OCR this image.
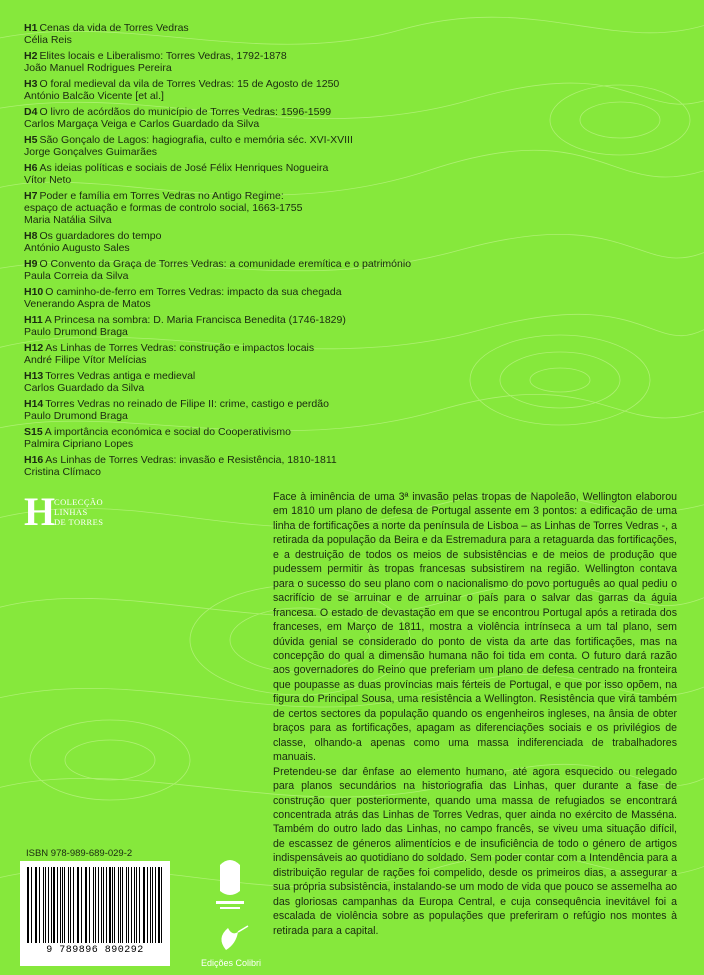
H1 Cenas da vida de Torres Vedras
Célia Reis
H2 Elites locais e Liberalismo: Torres Vedras, 1792-1878
João Manuel Rodrigues Pereira
H3 O foral medieval da vila de Torres Vedras: 15 de Agosto de 1250
António Balcão Vicente [et al.]
D4 O livro de acórdãos do município de Torres Vedras: 1596-1599
Carlos Margaça Veiga e Carlos Guardado da Silva
H5 São Gonçalo de Lagos: hagiografia, culto e memória séc. XVI-XVIII
Jorge Gonçalves Guimarães
H6 As ideias políticas e sociais de José Félix Henriques Nogueira
Vítor Neto
H7 Poder e família em Torres Vedras no Antigo Regime:
espaço de actuação e formas de controlo social, 1663-1755
Maria Natália Silva
H8 Os guardadores do tempo
António Augusto Sales
H9 O Convento da Graça de Torres Vedras: a comunidade eremítica e o património
Paula Correia da Silva
H10 O caminho-de-ferro em Torres Vedras: impacto da sua chegada
Venerando Aspra de Matos
H11 A Princesa na sombra: D. Maria Francisca Benedita (1746-1829)
Paulo Drumond Braga
H12 As Linhas de Torres Vedras: construção e impactos locais
André Filipe Vítor Melícias
H13 Torres Vedras antiga e medieval
Carlos Guardado da Silva
H14 Torres Vedras no reinado de Filipe II: crime, castigo e perdão
Paulo Drumond Braga
S15 A importância económica e social do Cooperativismo
Palmira Cipriano Lopes
H16 As Linhas de Torres Vedras: invasão e Resistência, 1810-1811
Cristina Clímaco
H
COLECÇÃO
LINHAS
DE TORRES

Face à iminência de uma 3ª invasão pelas tropas de Napoleão, Wellington elaborou em 1810 um plano de defesa de Portugal assente em 3 pontos: a edificação de uma linha de fortificações a norte da península de Lisboa – as Linhas de Torres Vedras -, a retirada da população da Beira e da Estremadura para a retaguarda das fortificações, e a destruição de todos os meios de subsistências e de meios de produção que pudessem permitir às tropas francesas subsistirem na região. Wellington contava para o sucesso do seu plano com o nacionalismo do povo português ao qual pediu o sacrifício de se arruinar e de arruinar o país para o salvar das garras da águia francesa. O estado de devastação em que se encontrou Portugal após a retirada dos franceses, em Março de 1811, mostra a violência intrínseca a um tal plano, sem dúvida genial se considerado do ponto de vista da arte das fortificações, mas na concepção do qual a dimensão humana não foi tida em conta. O futuro dará razão aos governadores do Reino que preferiam um plano de defesa centrado na fronteira que poupasse as duas províncias mais férteis de Portugal, e que por isso opõem, na figura do Principal Sousa, uma resistência a Wellington. Resistência que virá também de certos sectores da população quando os engenheiros ingleses, na ânsia de obter braços para as fortificações, apagam as diferenciações sociais e os privilégios de classe, olhando-a apenas como uma massa indiferenciada de trabalhadores manuais.

Pretendeu-se dar ênfase ao elemento humano, até agora esquecido ou relegado para planos secundários na historiografia das Linhas, quer durante a fase de construção quer posteriormente, quando uma massa de refugiados se encontrará concentrada atrás das Linhas de Torres Vedras, quer ainda no exército de Masséna. Também do outro lado das Linhas, no campo francês, se viveu uma situação difícil, de escassez de géneros alimentícios e de insuficiência de todo o género de artigos indispensáveis ao quotidiano do soldado. Sem poder contar com a Intendência para a distribuição regular de rações foi compelido, desde os primeiros dias, a assegurar a sua própria subsistência, instalando-se um modo de vida que pouco se assemelha ao das gloriosas campanhas da Europa Central, e cuja consequência inevitável foi a escalada de violência sobre as populações que preferiram o refúgio nos montes à retirada para a capital.

Edições Colibri
ISBN 978-989-689-029-2
9 789896 890292
